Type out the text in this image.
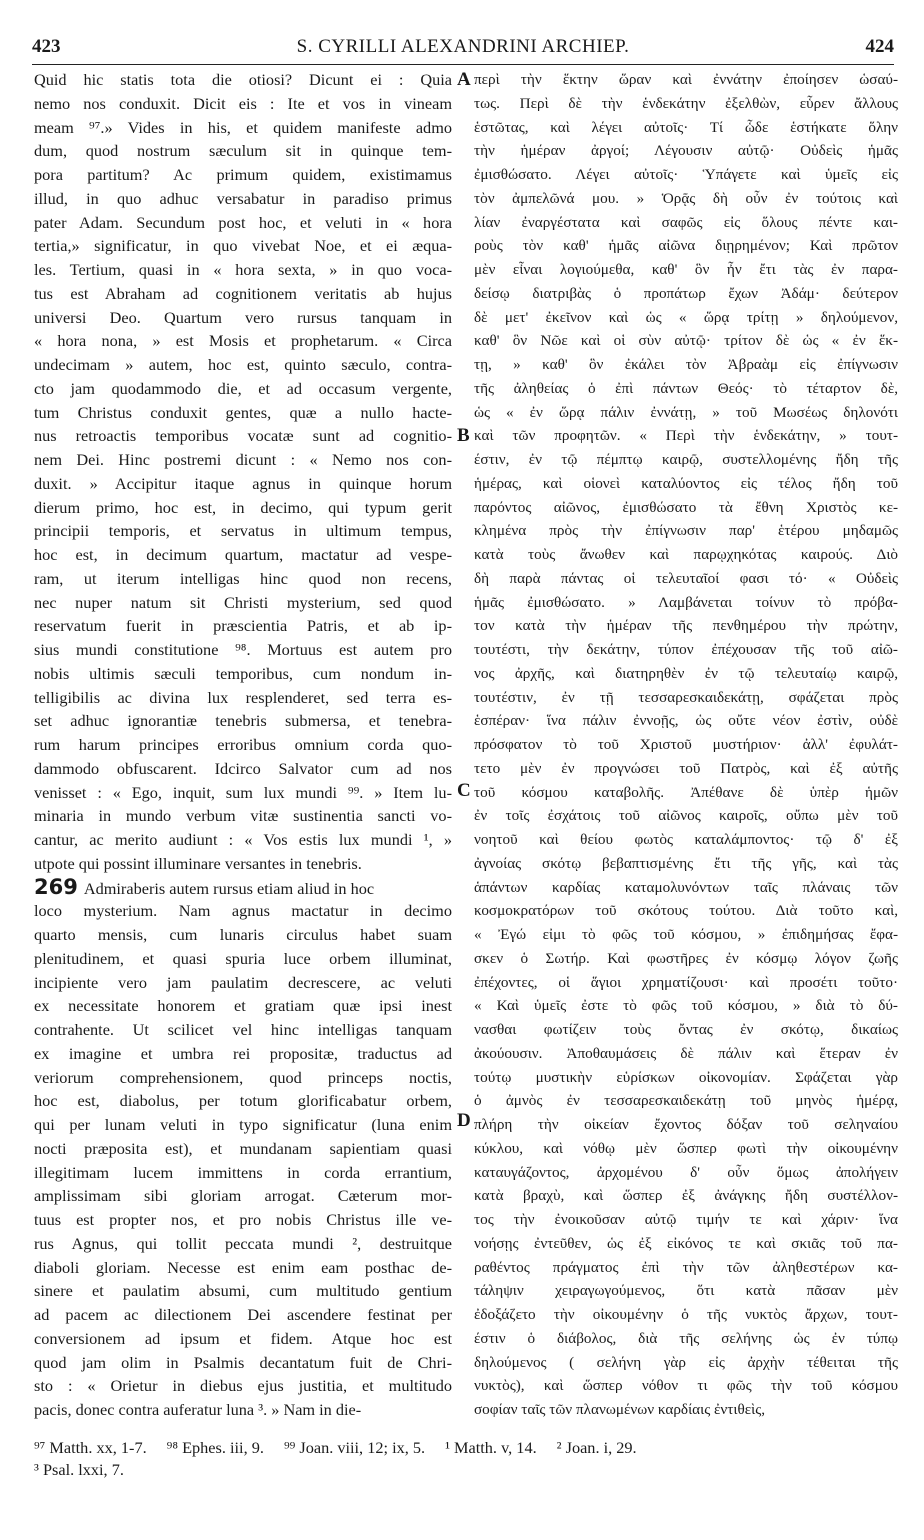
423	S. CYRILLI ALEXANDRINI ARCHIEP.	424
Quid hic statis tota die otiosi? Dicunt ei : Quia
nemo nos conduxit. Dicit eis : Ite et vos in vineam
meam ⁹⁷.» Vides in his, et quidem manifeste admo
dum, quod nostrum sæculum sit in quinque tem-
pora partitum? Ac primum quidem, existimamus
illud, in quo adhuc versabatur in paradiso primus
pater Adam. Secundum post hoc, et veluti in « hora
tertia,» significatur, in quo vivebat Noe, et ei æqua-
les. Tertium, quasi in « hora sexta, » in quo voca-
tus est Abraham ad cognitionem veritatis ab hujus
universi Deo. Quartum vero rursus tanquam in
« hora nona, » est Mosis et prophetarum. « Circa
undecimam » autem, hoc est, quinto sæculo, contra-
cto jam quodammodo die, et ad occasum vergente,
tum Christus conduxit gentes, quæ a nullo hacte-
nus retroactis temporibus vocatæ sunt ad cognitio-
nem Dei. Hinc postremi dicunt : « Nemo nos con-
duxit. » Accipitur itaque agnus in quinque horum
dierum primo, hoc est, in decimo, qui typum gerit
principii temporis, et servatus in ultimum tempus,
hoc est, in decimum quartum, mactatur ad vespe-
ram, ut iterum intelligas hinc quod non recens,
nec nuper natum sit Christi mysterium, sed quod
reservatum fuerit in præscientia Patris, et ab ip-
sius mundi constitutione ⁹⁸. Mortuus est autem pro
nobis ultimis sæculi temporibus, cum nondum in-
telligibilis ac divina lux resplenderet, sed terra es-
set adhuc ignorantiæ tenebris submersa, et tenebra-
rum harum principes erroribus omnium corda quo-
dammodo obfuscarent. Idcirco Salvator cum ad nos
venisset : « Ego, inquit, sum lux mundi ⁹⁹. » Item lu-
minaria in mundo verbum vitæ sustinentia sancti vo-
cantur, ac merito audiunt : « Vos estis lux mundi ¹, »
utpote qui possint illuminare versantes in tenebris.
269 Admiraberis autem rursus etiam aliud in hoc
loco mysterium. Nam agnus mactatur in decimo
quarto mensis, cum lunaris circulus habet suam
plenitudinem, et quasi spuria luce orbem illuminat,
incipiente vero jam paulatim decrescere, ac veluti
ex necessitate honorem et gratiam quæ ipsi inest
contrahente. Ut scilicet vel hinc intelligas tanquam
ex imagine et umbra rei propositæ, traductus ad
veriorum comprehensionem, quod princeps noctis,
hoc est, diabolus, per totum glorificabatur orbem,
qui per lunam veluti in typo significatur (luna enim
nocti præposita est), et mundanam sapientiam quasi
illegitimam lucem immittens in corda errantium,
amplissimam sibi gloriam arrogat. Cæterum mor-
tuus est propter nos, et pro nobis Christus ille ve-
rus Agnus, qui tollit peccata mundi ², destruitque
diaboli gloriam. Necesse est enim eam posthac de-
sinere et paulatim absumi, cum multitudo gentium
ad pacem ac dilectionem Dei ascendere festinat per
conversionem ad ipsum et fidem. Atque hoc est
quod jam olim in Psalmis decantatum fuit de Chri-
sto : « Orietur in diebus ejus justitia, et multitudo
pacis, donec contra auferatur luna ³. » Nam in die-
A
B
C
D
περὶ τὴν ἕκτην ὥραν καὶ ἐννάτην ἐποίησεν ὡσαύ-
τως. Περὶ δὲ τὴν ἑνδεκάτην ἐξελθὼν, εὗρεν ἄλλους
ἑστῶτας, καὶ λέγει αὐτοῖς· Τί ὧδε ἑστήκατε ὅλην
τὴν ἡμέραν ἀργοί; Λέγουσιν αὐτῷ· Οὐδεὶς ἡμᾶς
ἐμισθώσατο. Λέγει αὐτοῖς· Ὑπάγετε καὶ ὑμεῖς εἰς
τὸν ἀμπελῶνά μου. » Ὁρᾷς δὴ οὖν ἐν τούτοις καὶ
λίαν ἐναργέστατα καὶ σαφῶς εἰς ὅλους πέντε και-
ροὺς τὸν καθ' ἡμᾶς αἰῶνα διῃρημένον; Καὶ πρῶτον
μὲν εἶναι λογιούμεθα, καθ' ὃν ἦν ἔτι τὰς ἐν παρα-
δείσῳ διατριβὰς ὁ προπάτωρ ἔχων Ἀδάμ· δεύτερον
δὲ μετ' ἐκεῖνον καὶ ὡς « ὥρᾳ τρίτῃ » δηλούμενον,
καθ' ὃν Νῶε καὶ οἱ σὺν αὐτῷ· τρίτον δὲ ὡς « ἐν ἕκ-
τῃ, » καθ' ὃν ἐκάλει τὸν Ἀβραὰμ εἰς ἐπίγνωσιν
τῆς ἀληθείας ὁ ἐπὶ πάντων Θεός· τὸ τέταρτον δὲ,
ὡς « ἐν ὥρᾳ πάλιν ἐννάτῃ, » τοῦ Μωσέως δηλονότι
καὶ τῶν προφητῶν. « Περὶ τὴν ἑνδεκάτην, » τουτ-
έστιν, ἐν τῷ πέμπτῳ καιρῷ, συστελλομένης ἤδη τῆς
ἡμέρας, καὶ οἱονεὶ καταλύοντος εἰς τέλος ἤδη τοῦ
παρόντος αἰῶνος, ἐμισθώσατο τὰ ἔθνη Χριστὸς κε-
κλημένα πρὸς τὴν ἐπίγνωσιν παρ' ἑτέρου μηδαμῶς
κατὰ τοὺς ἄνωθεν καὶ παρῳχηκότας καιρούς. Διὸ
δὴ παρὰ πάντας οἱ τελευταῖοί φασι τό· « Οὐδεὶς
ἡμᾶς ἐμισθώσατο. » Λαμβάνεται τοίνυν τὸ πρόβα-
τον κατὰ τὴν ἡμέραν τῆς πενθημέρου τὴν πρώτην,
τουτέστι, τὴν δεκάτην, τύπον ἐπέχουσαν τῆς τοῦ αἰῶ-
νος ἀρχῆς, καὶ διατηρηθὲν ἐν τῷ τελευταίῳ καιρῷ,
τουτέστιν, ἐν τῇ τεσσαρεσκαιδεκάτῃ, σφάζεται πρὸς
ἑσπέραν· ἵνα πάλιν ἐννοῇς, ὡς οὔτε νέον ἐστὶν, οὐδὲ
πρόσφατον τὸ τοῦ Χριστοῦ μυστήριον· ἀλλ' ἐφυλάτ-
τετο μὲν ἐν προγνώσει τοῦ Πατρὸς, καὶ ἐξ αὐτῆς
τοῦ κόσμου καταβολῆς. Ἀπέθανε δὲ ὑπὲρ ἡμῶν
ἐν τοῖς ἐσχάτοις τοῦ αἰῶνος καιροῖς, οὔπω μὲν τοῦ
νοητοῦ καὶ θείου φωτὸς καταλάμποντος· τῷ δ' ἐξ
ἀγνοίας σκότῳ βεβαπτισμένης ἔτι τῆς γῆς, καὶ τὰς
ἁπάντων καρδίας καταμολυνόντων ταῖς πλάναις τῶν
κοσμοκρατόρων τοῦ σκότους τούτου. Διὰ τοῦτο καὶ,
« Ἐγώ εἰμι τὸ φῶς τοῦ κόσμου, » ἐπιδημήσας ἔφα-
σκεν ὁ Σωτήρ. Καὶ φωστῆρες ἐν κόσμῳ λόγον ζωῆς
ἐπέχοντες, οἱ ἅγιοι χρηματίζουσι· καὶ προσέτι τοῦτο·
« Καὶ ὑμεῖς ἐστε τὸ φῶς τοῦ κόσμου, » διὰ τὸ δύ-
νασθαι φωτίζειν τοὺς ὄντας ἐν σκότῳ, δικαίως
ἀκούουσιν. Ἀποθαυμάσεις δὲ πάλιν καὶ ἕτεραν ἐν
τούτῳ μυστικὴν εὑρίσκων οἰκονομίαν. Σφάζεται γὰρ
ὁ ἀμνὸς ἐν τεσσαρεσκαιδεκάτῃ τοῦ μηνὸς ἡμέρᾳ,
πλήρη τὴν οἰκείαν ἔχοντος δόξαν τοῦ σεληναίου
κύκλου, καὶ νόθῳ μὲν ὥσπερ φωτὶ τὴν οἰκουμένην
καταυγάζοντος, ἀρχομένου δ' οὖν ὅμως ἀπολήγειν
κατὰ βραχὺ, καὶ ὥσπερ ἐξ ἀνάγκης ἤδη συστέλλον-
τος τὴν ἐνοικοῦσαν αὐτῷ τιμήν τε καὶ χάριν· ἵνα
νοήσῃς ἐντεῦθεν, ὡς ἐξ εἰκόνος τε καὶ σκιᾶς τοῦ πα-
ραθέντος πράγματος ἐπὶ τὴν τῶν ἀληθεστέρων κα-
τάληψιν χειραγωγούμενος, ὅτι κατὰ πᾶσαν μὲν
ἐδοξάζετο τὴν οἰκουμένην ὁ τῆς νυκτὸς ἄρχων, τουτ-
έστιν ὁ διάβολος, διὰ τῆς σελήνης ὡς ἐν τύπῳ
δηλούμενος ( σελήνη γὰρ εἰς ἀρχὴν τέθειται τῆς
νυκτὸς), καὶ ὥσπερ νόθον τι φῶς τὴν τοῦ κόσμου
σοφίαν ταῖς τῶν πλανωμένων καρδίαις ἐντιθεὶς,
⁹⁷ Matth. xx, 1-7. ⁹⁸ Ephes. iii, 9. ⁹⁹ Joan. viii, 12; ix, 5. ¹ Matth. v, 14. ² Joan. i, 29.
³ Psal. lxxi, 7.
